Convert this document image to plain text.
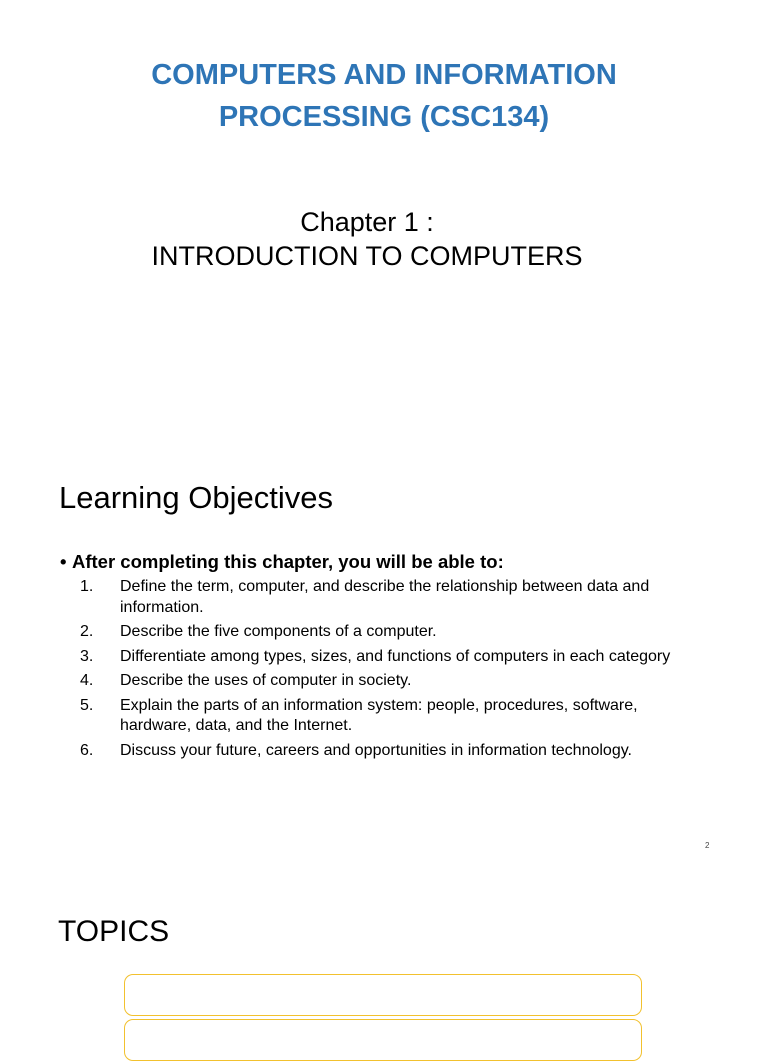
COMPUTERS AND INFORMATION
PROCESSING (CSC134)
Chapter 1 :
INTRODUCTION TO COMPUTERS
Learning Objectives
• After completing this chapter, you will be able to:
1. Define the term, computer, and describe the relationship between data and information.
2. Describe the five components of a computer.
3. Differentiate among types, sizes, and functions of computers in each category
4. Describe the uses of computer in society.
5. Explain the parts of an information system: people, procedures, software, hardware, data, and the Internet.
6. Discuss your future, careers and opportunities in information technology.
2
TOPICS
